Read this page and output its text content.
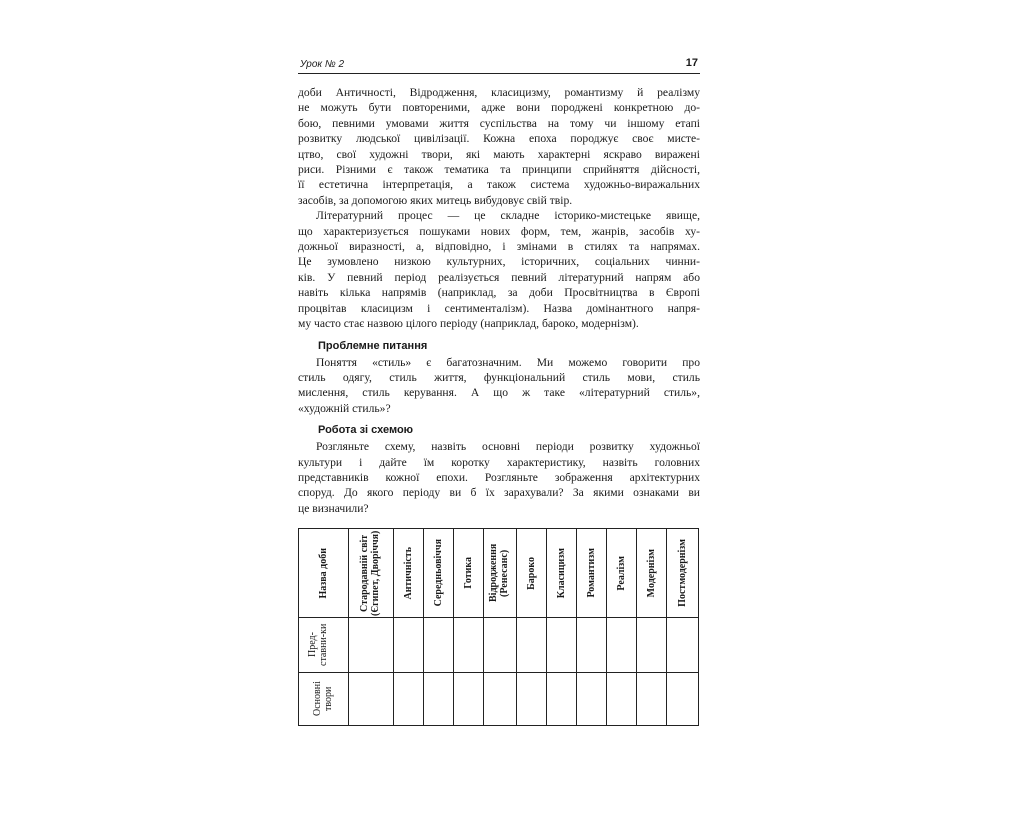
Урок № 2	17

доби Античності, Відродження, класицизму, романтизму й реалізму
не можуть бути повтореними, адже вони породжені конкретною до-
бою, певними умовами життя суспільства на тому чи іншому етапі
розвитку людської цивілізації. Кожна епоха породжує своє мисте-
цтво, свої художні твори, які мають характерні яскраво виражені
риси. Різними є також тематика та принципи сприйняття дійсності,
її естетична інтерпретація, а також система художньо-виражальних
засобів, за допомогою яких митець вибудовує свій твір.

Літературний процес — це складне історико-мистецьке явище,
що характеризується пошуками нових форм, тем, жанрів, засобів ху-
дожньої виразності, а, відповідно, і змінами в стилях та напрямах.
Це зумовлено низкою культурних, історичних, соціальних чинни-
ків. У певний період реалізується певний літературний напрям або
навіть кілька напрямів (наприклад, за доби Просвітництва в Європі
процвітав класицизм і сентименталізм). Назва домінантного напря-
му часто стає назвою цілого періоду (наприклад, бароко, модернізм).

Проблемне питання

Поняття «стиль» є багатозначним. Ми можемо говорити про
стиль одягу, стиль життя, функціональний стиль мови, стиль
мислення, стиль керування. А що ж таке «літературний стиль»,
«художній стиль»?

Робота зі схемою

Розгляньте схему, назвіть основні періоди розвитку художньої
культури і дайте їм коротку характеристику, назвіть головних
представників кожної епохи. Розгляньте зображення архітектурних
споруд. До якого періоду ви б їх зарахували? За якими ознаками ви
це визначили?

Назва доби	Стародавній світ (Єгипет, Дворіччя)	Античність	Середньовіччя	Готика	Відродження (Ренесанс)	Бароко	Класицизм	Романтизм	Реалізм	Модернізм	Постмодернізм

Пред-ставни-ки											

Основні твори											
